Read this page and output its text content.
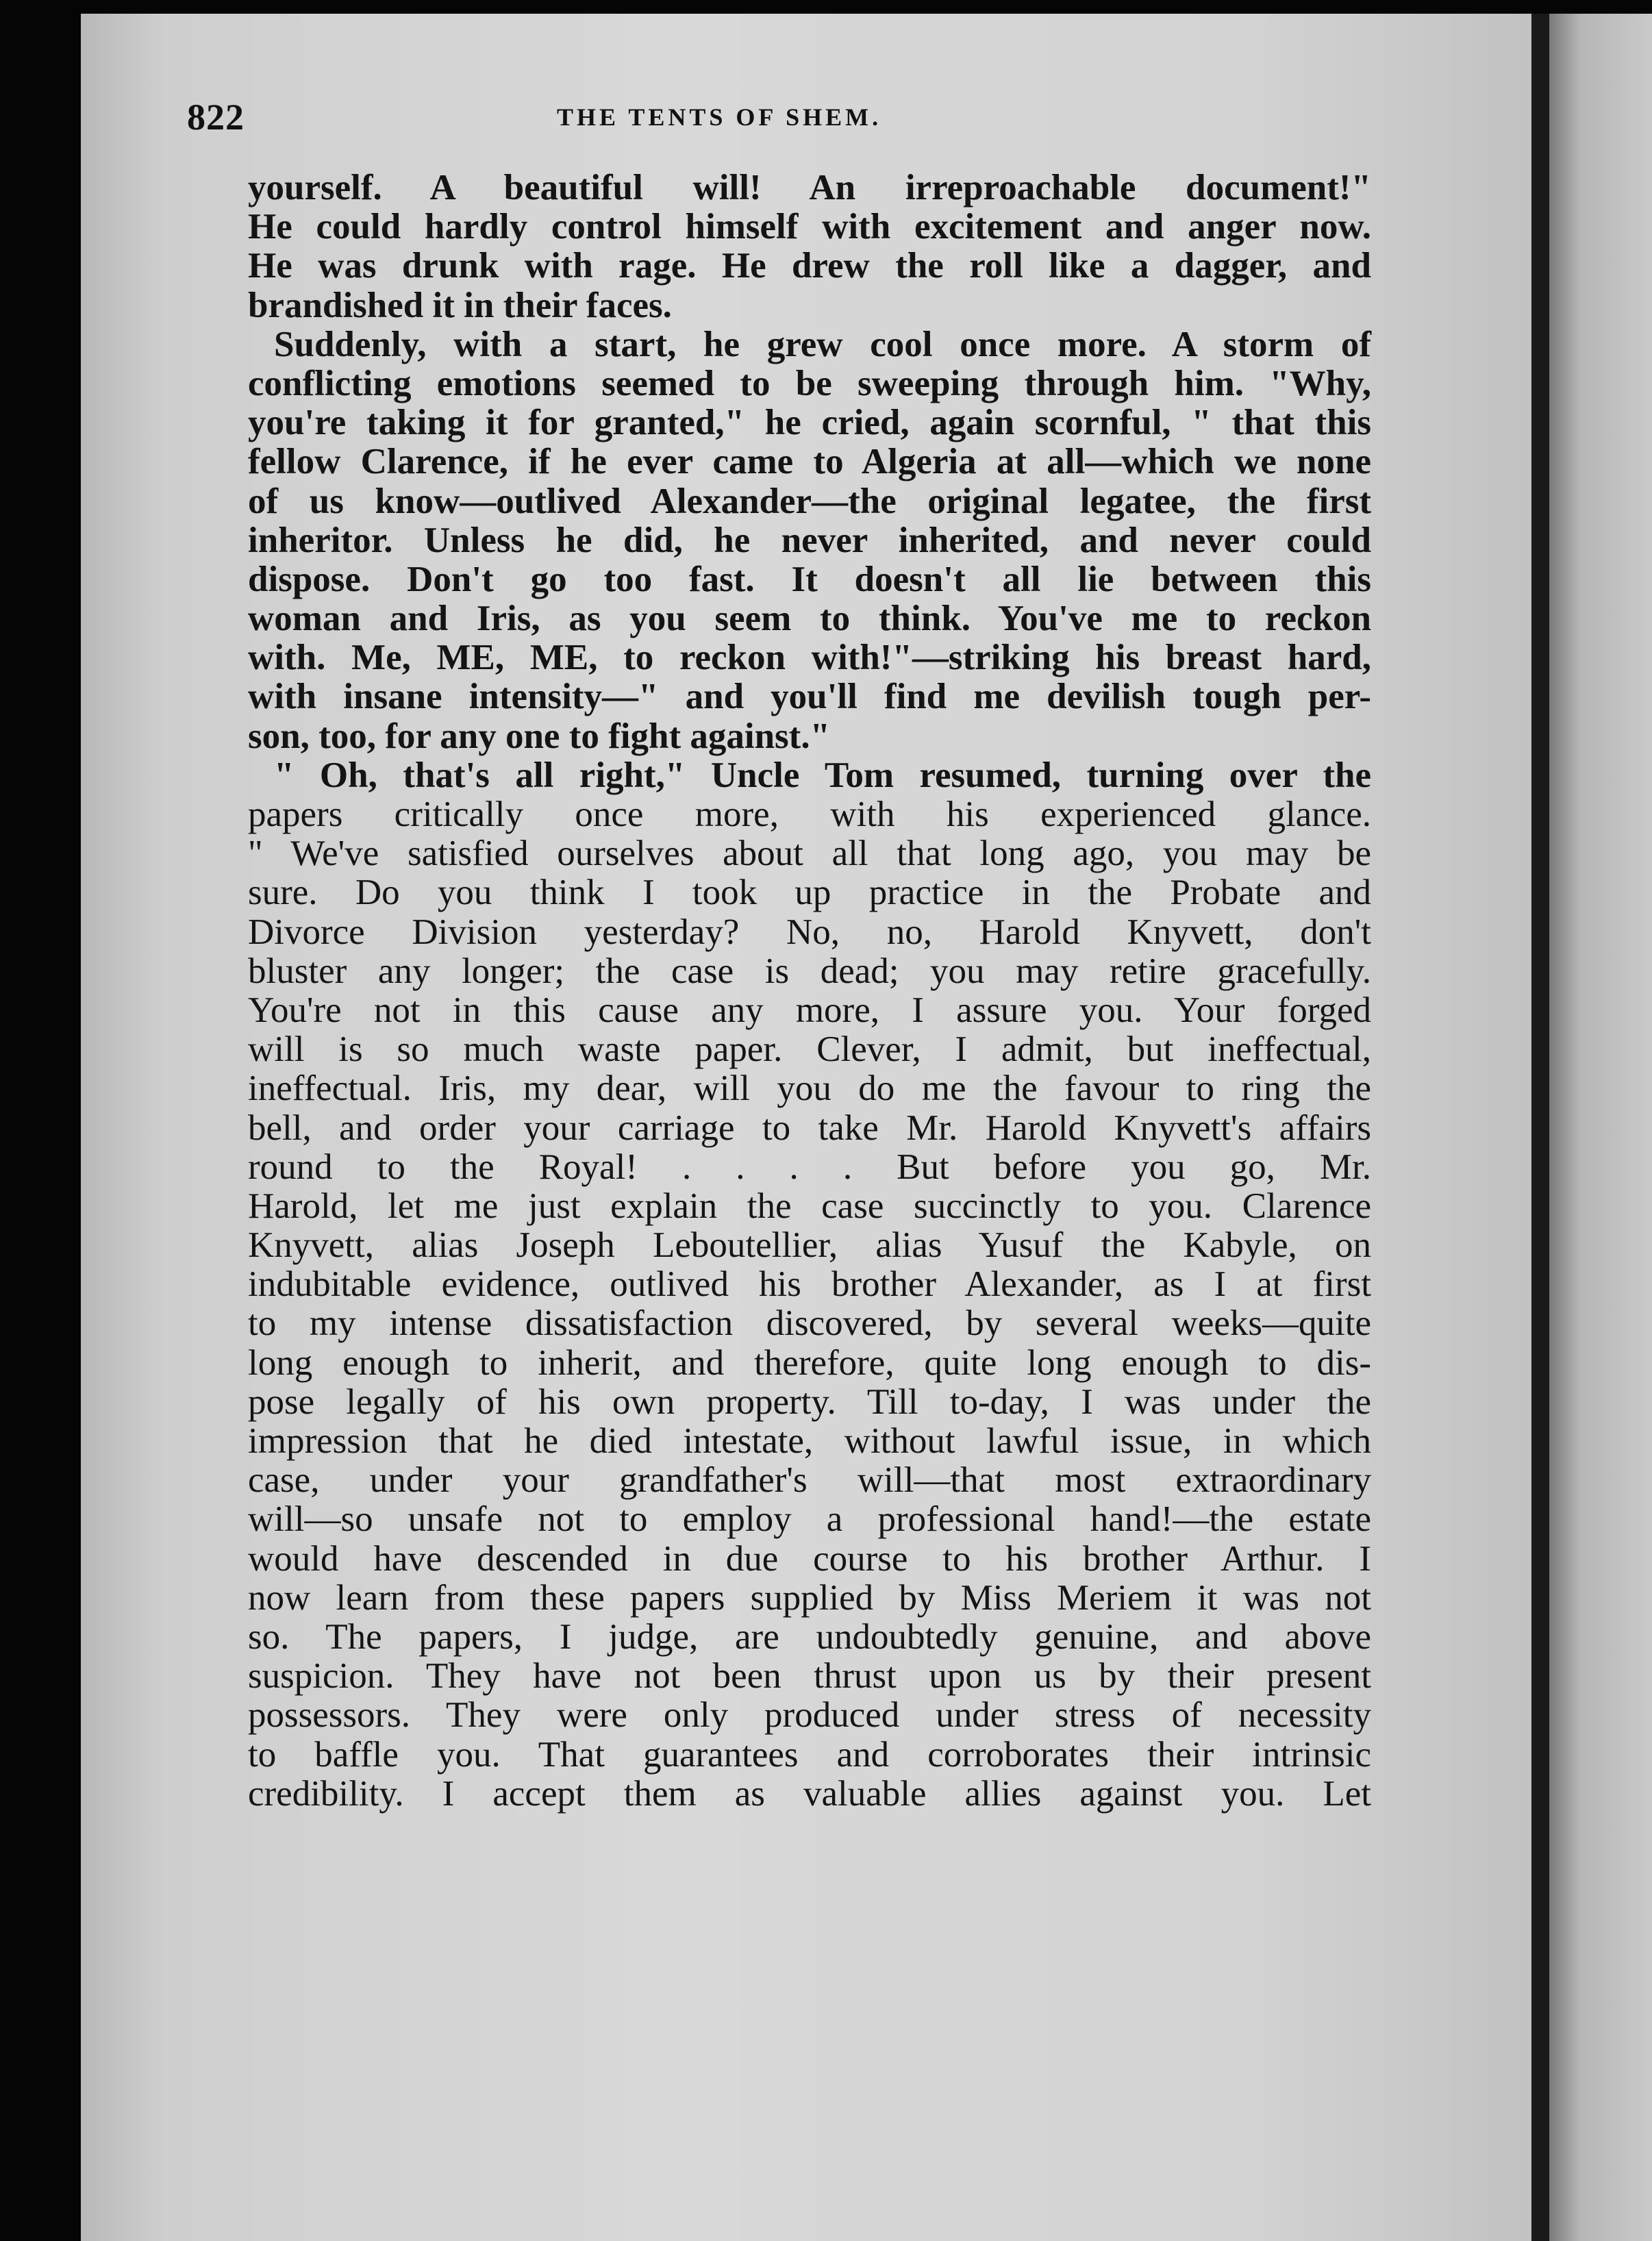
822	THE TENTS OF SHEM.
yourself. A beautiful will! An irreproachable document!"
He could hardly control himself with excitement and anger now.
He was drunk with rage. He drew the roll like a dagger, and
brandished it in their faces.
Suddenly, with a start, he grew cool once more. A storm of
conflicting emotions seemed to be sweeping through him. "Why,
you're taking it for granted," he cried, again scornful, " that this
fellow Clarence, if he ever came to Algeria at all—which we none
of us know—outlived Alexander—the original legatee, the first
inheritor. Unless he did, he never inherited, and never could
dispose. Don't go too fast. It doesn't all lie between this
woman and Iris, as you seem to think. You've me to reckon
with. Me, ME, ME, to reckon with!"—striking his breast hard,
with insane intensity—" and you'll find me devilish tough per-
son, too, for any one to fight against."
" Oh, that's all right," Uncle Tom resumed, turning over the
papers critically once more, with his experienced glance.
" We've satisfied ourselves about all that long ago, you may be
sure. Do you think I took up practice in the Probate and
Divorce Division yesterday? No, no, Harold Knyvett, don't
bluster any longer; the case is dead; you may retire gracefully.
You're not in this cause any more, I assure you. Your forged
will is so much waste paper. Clever, I admit, but ineffectual,
ineffectual. Iris, my dear, will you do me the favour to ring the
bell, and order your carriage to take Mr. Harold Knyvett's affairs
round to the Royal! . . . . But before you go, Mr.
Harold, let me just explain the case succinctly to you. Clarence
Knyvett, alias Joseph Leboutellier, alias Yusuf the Kabyle, on
indubitable evidence, outlived his brother Alexander, as I at first
to my intense dissatisfaction discovered, by several weeks—quite
long enough to inherit, and therefore, quite long enough to dis-
pose legally of his own property. Till to-day, I was under the
impression that he died intestate, without lawful issue, in which
case, under your grandfather's will—that most extraordinary
will—so unsafe not to employ a professional hand!—the estate
would have descended in due course to his brother Arthur. I
now learn from these papers supplied by Miss Meriem it was not
so. The papers, I judge, are undoubtedly genuine, and above
suspicion. They have not been thrust upon us by their present
possessors. They were only produced under stress of necessity
to baffle you. That guarantees and corroborates their intrinsic
credibility. I accept them as valuable allies against you. Let
